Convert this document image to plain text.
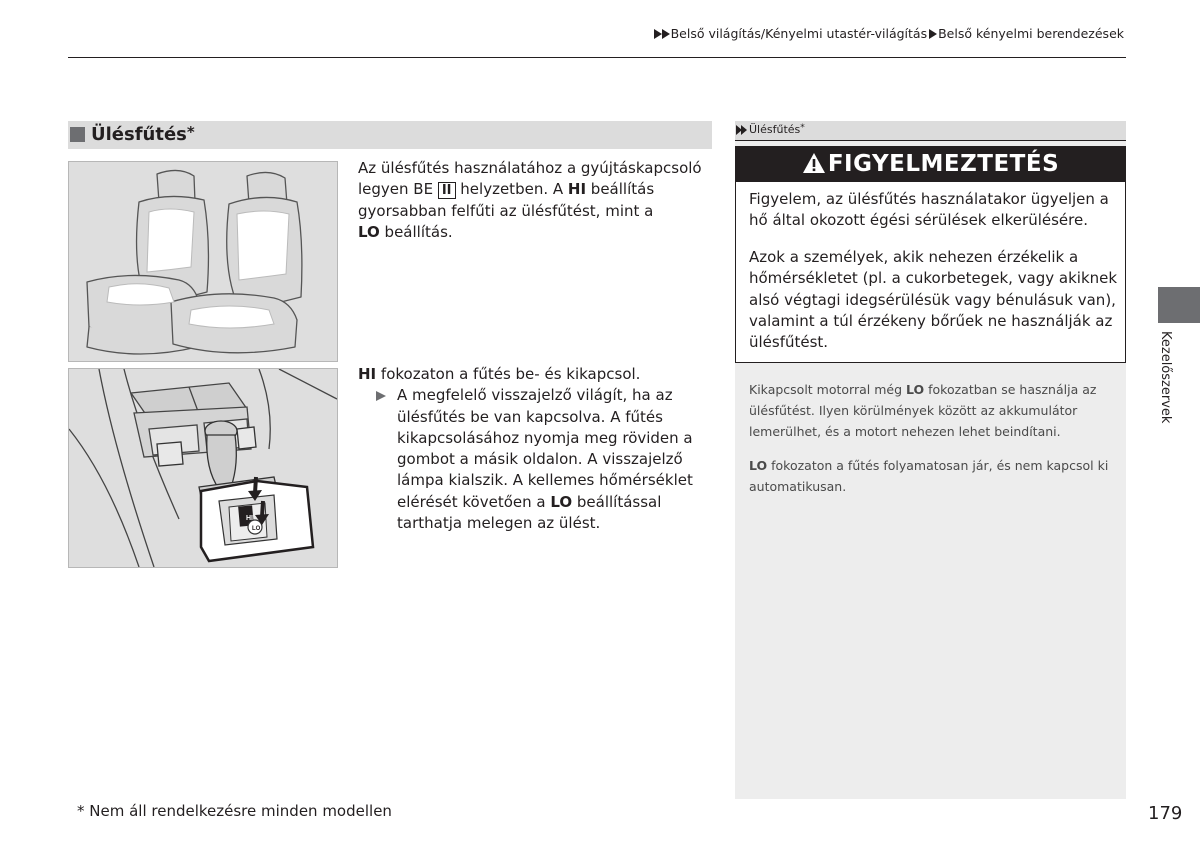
Belső világítás/Kényelmi utastér-világítás Belső kényelmi berendezések
Ülésfűtés*
HI
LO
Az ülésfűtés használatához a gyújtáskapcsoló legyen BE II helyzetben. A HI beállítás gyorsabban felfűti az ülésfűtést, mint a
LO beállítás.
HI fokozaton a fűtés be- és kikapcsol.
A megfelelő visszajelző világít, ha az ülésfűtés be van kapcsolva. A fűtés kikapcsolásához nyomja meg röviden a gombot a másik oldalon. A visszajelző lámpa kialszik. A kellemes hőmérséklet elérését követően a LO beállítással tarthatja melegen az ülést.
Ülésfűtés*
FIGYELMEZTETÉS
Figyelem, az ülésfűtés használatakor ügyeljen a hő által okozott égési sérülések elkerülésére.
Azok a személyek, akik nehezen érzékelik a hőmérsékletet (pl. a cukorbetegek, vagy akiknek alsó végtagi idegsérülésük vagy bénulásuk van), valamint a túl érzékeny bőrűek ne használják az ülésfűtést.
Kikapcsolt motorral még LO fokozatban se használja az ülésfűtést. Ilyen körülmények között az akkumulátor lemerülhet, és a motort nehezen lehet beindítani.
LO fokozaton a fűtés folyamatosan jár, és nem kapcsol ki automatikusan.
Kezelőszervek
* Nem áll rendelkezésre minden modellen	179
